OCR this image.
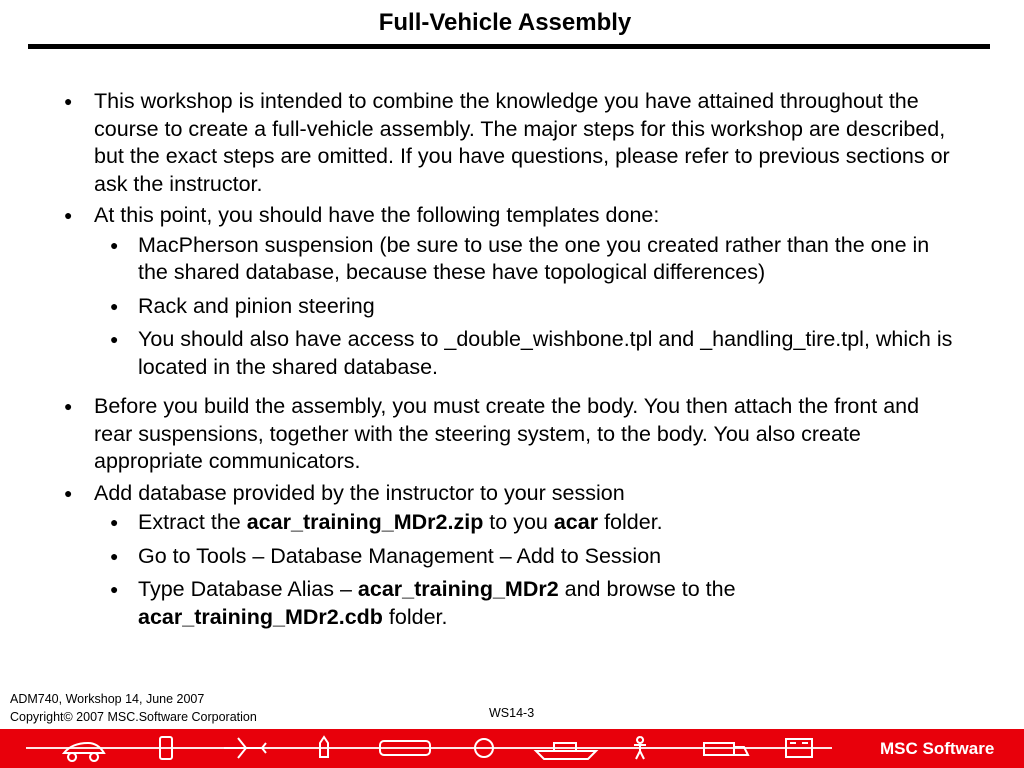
Full-Vehicle Assembly
● This workshop is intended to combine the knowledge you have attained throughout the course to create a full-vehicle assembly. The major steps for this workshop are described, but the exact steps are omitted. If you have questions, please refer to previous sections or ask the instructor.
● At this point, you should have the following templates done:
● MacPherson suspension (be sure to use the one you created rather than the one in the shared database, because these have topological differences)
● Rack and pinion steering
● You should also have access to _double_wishbone.tpl and _handling_tire.tpl, which is located in the shared database.
● Before you build the assembly, you must create the body. You then attach the front and rear suspensions, together with the steering system, to the body. You also create appropriate communicators.
● Add database provided by the instructor to your session
● Extract the acar_training_MDr2.zip to you acar folder.
● Go to Tools – Database Management – Add to Session
● Type Database Alias – acar_training_MDr2 and browse to the acar_training_MDr2.cdb folder.
ADM740, Workshop 14, June 2007
Copyright© 2007 MSC.Software Corporation	WS14-3
MSC Software
